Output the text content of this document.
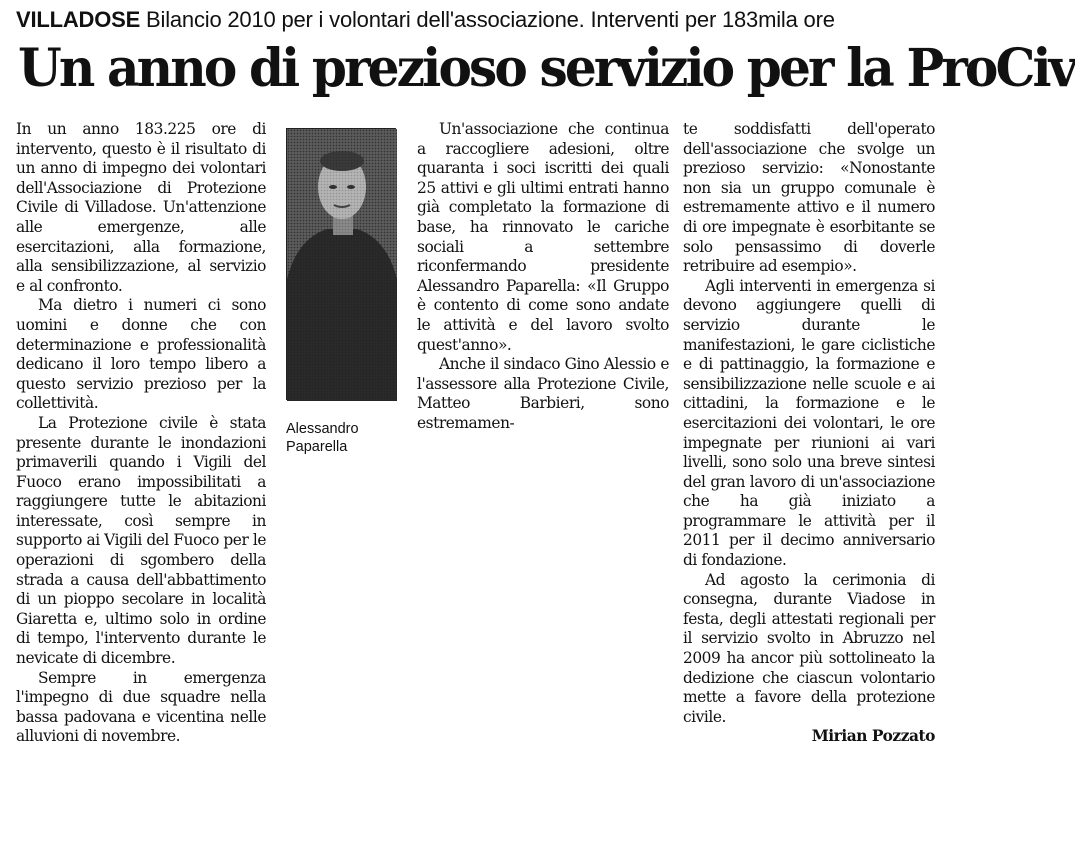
VILLADOSE Bilancio 2010 per i volontari dell'associazione. Interventi per 183mila ore
Un anno di prezioso servizio per la ProCiv

In un anno 183.225 ore di intervento, questo è il risultato di un anno di impegno dei volontari dell'Associazione di Protezione Civile di Villadose. Un'attenzione alle emergenze, alle esercitazioni, alla formazione, alla sensibilizzazione, al servizio e al confronto.

Ma dietro i numeri ci sono uomini e donne che con determinazione e professionalità dedicano il loro tempo libero a questo servizio prezioso per la collettività.

La Protezione civile è stata presente durante le inondazioni primaverili quando i Vigili del Fuoco erano impossibilitati a raggiungere tutte le abitazioni interessate, così sempre in supporto ai Vigili del Fuoco per le operazioni di sgombero della strada a causa dell'abbattimento di un pioppo secolare in località Giaretta e, ultimo solo in ordine di tempo, l'intervento durante le nevicate di dicembre.

Sempre in emergenza l'impegno di due squadre nella bassa padovana e vicentina nelle alluvioni di novembre.

Alessandro
Paparella

Un'associazione che continua a raccogliere adesioni, oltre quaranta i soci iscritti dei quali 25 attivi e gli ultimi entrati hanno già completato la formazione di base, ha rinnovato le cariche sociali a settembre riconfermando presidente Alessandro Paparella: «Il Gruppo è contento di come sono andate le attività e del lavoro svolto quest'anno».

Anche il sindaco Gino Alessio e l'assessore alla Protezione Civile, Matteo Barbieri, sono estremamen-

te soddisfatti dell'operato dell'associazione che svolge un prezioso servizio: «Nonostante non sia un gruppo comunale è estremamente attivo e il numero di ore impegnate è esorbitante se solo pensassimo di doverle retribuire ad esempio».

Agli interventi in emergenza si devono aggiungere quelli di servizio durante le manifestazioni, le gare ciclistiche e di pattinaggio, la formazione e sensibilizzazione nelle scuole e ai cittadini, la formazione e le esercitazioni dei volontari, le ore impegnate per riunioni ai vari livelli, sono solo una breve sintesi del gran lavoro di un'associazione che ha già iniziato a programmare le attività per il 2011 per il decimo anniversario di fondazione.

Ad agosto la cerimonia di consegna, durante Viadose in festa, degli attestati regionali per il servizio svolto in Abruzzo nel 2009 ha ancor più sottolineato la dedizione che ciascun volontario mette a favore della protezione civile.

Mirian Pozzato
